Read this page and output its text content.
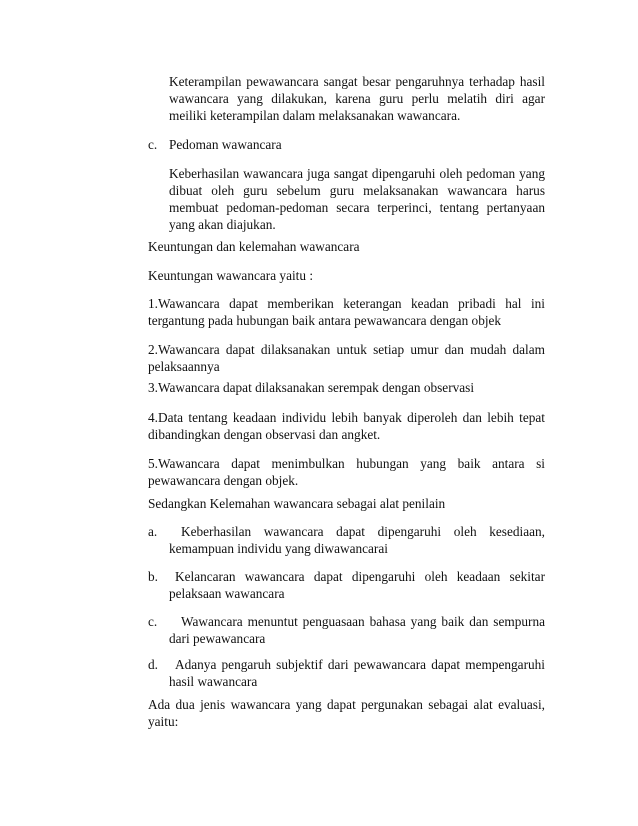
Keterampilan pewawancara sangat besar pengaruhnya terhadap hasil wawancara yang dilakukan, karena guru perlu melatih diri agar meiliki keterampilan dalam melaksanakan wawancara.

c. Pedoman wawancara

Keberhasilan wawancara juga sangat dipengaruhi oleh pedoman yang dibuat oleh guru sebelum guru melaksanakan wawancara harus membuat pedoman-pedoman secara terperinci, tentang pertanyaan yang akan diajukan.

Keuntungan dan kelemahan wawancara

Keuntungan wawancara yaitu :

1.Wawancara dapat memberikan keterangan keadan pribadi hal ini tergantung pada hubungan baik antara pewawancara dengan objek

2.Wawancara dapat dilaksanakan untuk setiap umur dan mudah dalam pelaksaannya

3.Wawancara dapat dilaksanakan serempak dengan observasi

4.Data tentang keadaan individu lebih banyak diperoleh dan lebih tepat dibandingkan dengan observasi dan angket.

5.Wawancara dapat menimbulkan hubungan yang baik antara si pewawancara dengan objek.

Sedangkan Kelemahan wawancara sebagai alat penilain

a.	Keberhasilan wawancara dapat dipengaruhi oleh kesediaan, kemampuan individu yang diwawancarai

b.	Kelancaran wawancara dapat dipengaruhi oleh keadaan sekitar pelaksaan wawancara

c.	Wawancara menuntut penguasaan bahasa yang baik dan sempurna dari pewawancara

d.	Adanya pengaruh subjektif dari pewawancara dapat mempengaruhi hasil wawancara

Ada dua jenis wawancara yang dapat pergunakan sebagai alat evaluasi, yaitu:
